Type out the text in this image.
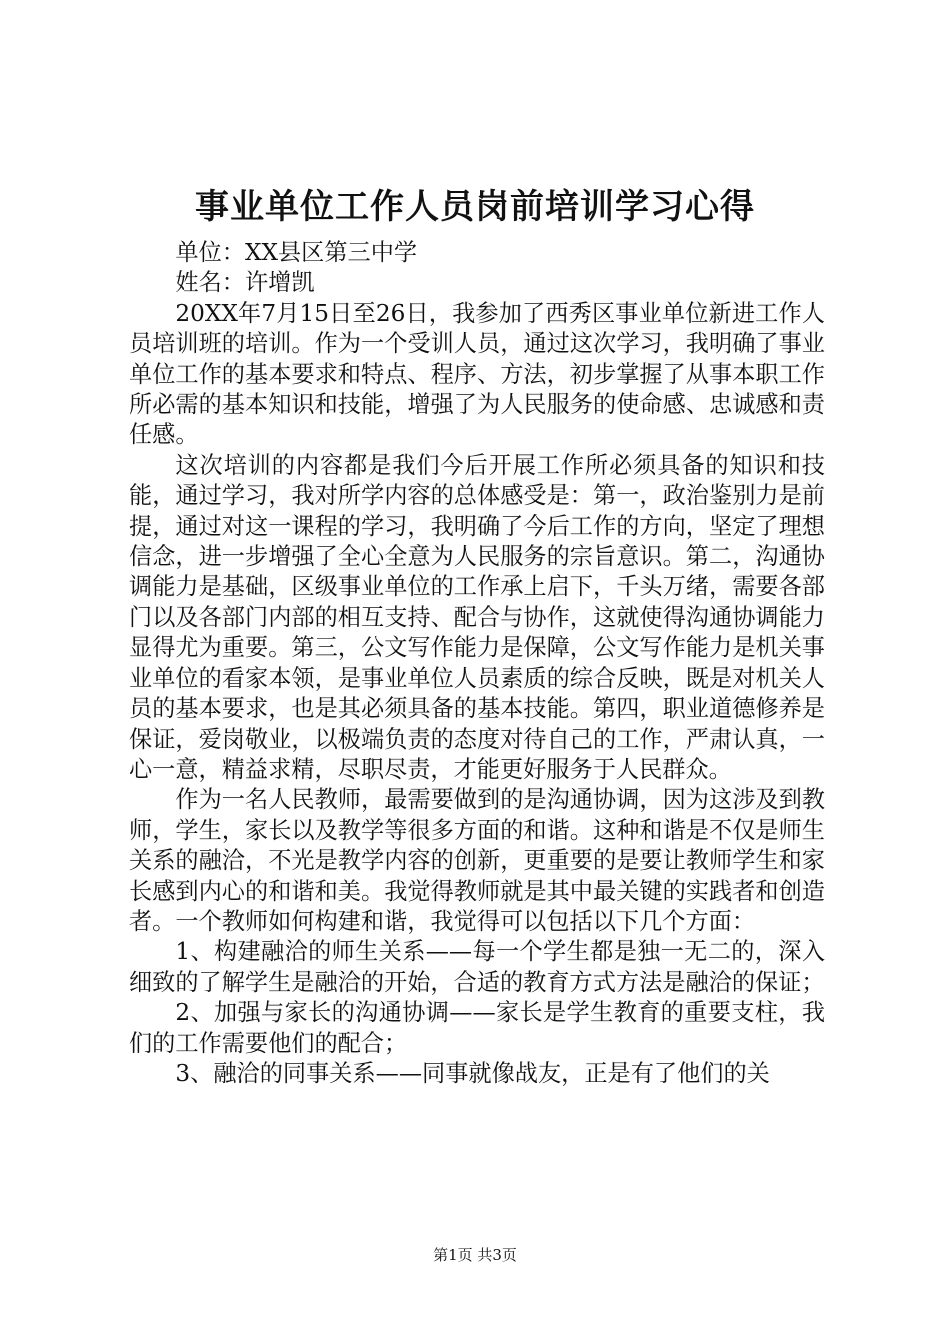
事业单位工作人员岗前培训学习心得

单位：XX县区第三中学

姓名：许增凯

20XX年7月15日至26日，我参加了西秀区事业单位新进工作人员培训班的培训。作为一个受训人员，通过这次学习，我明确了事业单位工作的基本要求和特点、程序、方法，初步掌握了从事本职工作所必需的基本知识和技能，增强了为人民服务的使命感、忠诚感和责任感。

这次培训的内容都是我们今后开展工作所必须具备的知识和技能，通过学习，我对所学内容的总体感受是：第一，政治鉴别力是前提，通过对这一课程的学习，我明确了今后工作的方向，坚定了理想信念，进一步增强了全心全意为人民服务的宗旨意识。第二，沟通协调能力是基础，区级事业单位的工作承上启下，千头万绪，需要各部门以及各部门内部的相互支持、配合与协作，这就使得沟通协调能力显得尤为重要。第三，公文写作能力是保障，公文写作能力是机关事业单位的看家本领，是事业单位人员素质的综合反映，既是对机关人员的基本要求，也是其必须具备的基本技能。第四，职业道德修养是保证，爱岗敬业，以极端负责的态度对待自己的工作，严肃认真，一心一意，精益求精，尽职尽责，才能更好服务于人民群众。

作为一名人民教师，最需要做到的是沟通协调，因为这涉及到教师，学生，家长以及教学等很多方面的和谐。这种和谐是不仅是师生关系的融洽，不光是教学内容的创新，更重要的是要让教师学生和家长感到内心的和谐和美。我觉得教师就是其中最关键的实践者和创造者。一个教师如何构建和谐，我觉得可以包括以下几个方面：

1、构建融洽的师生关系——每一个学生都是独一无二的，深入细致的了解学生是融洽的开始，合适的教育方式方法是融洽的保证；

2、加强与家长的沟通协调——家长是学生教育的重要支柱，我们的工作需要他们的配合；

3、融洽的同事关系——同事就像战友，正是有了他们的关

第1页 共3页
